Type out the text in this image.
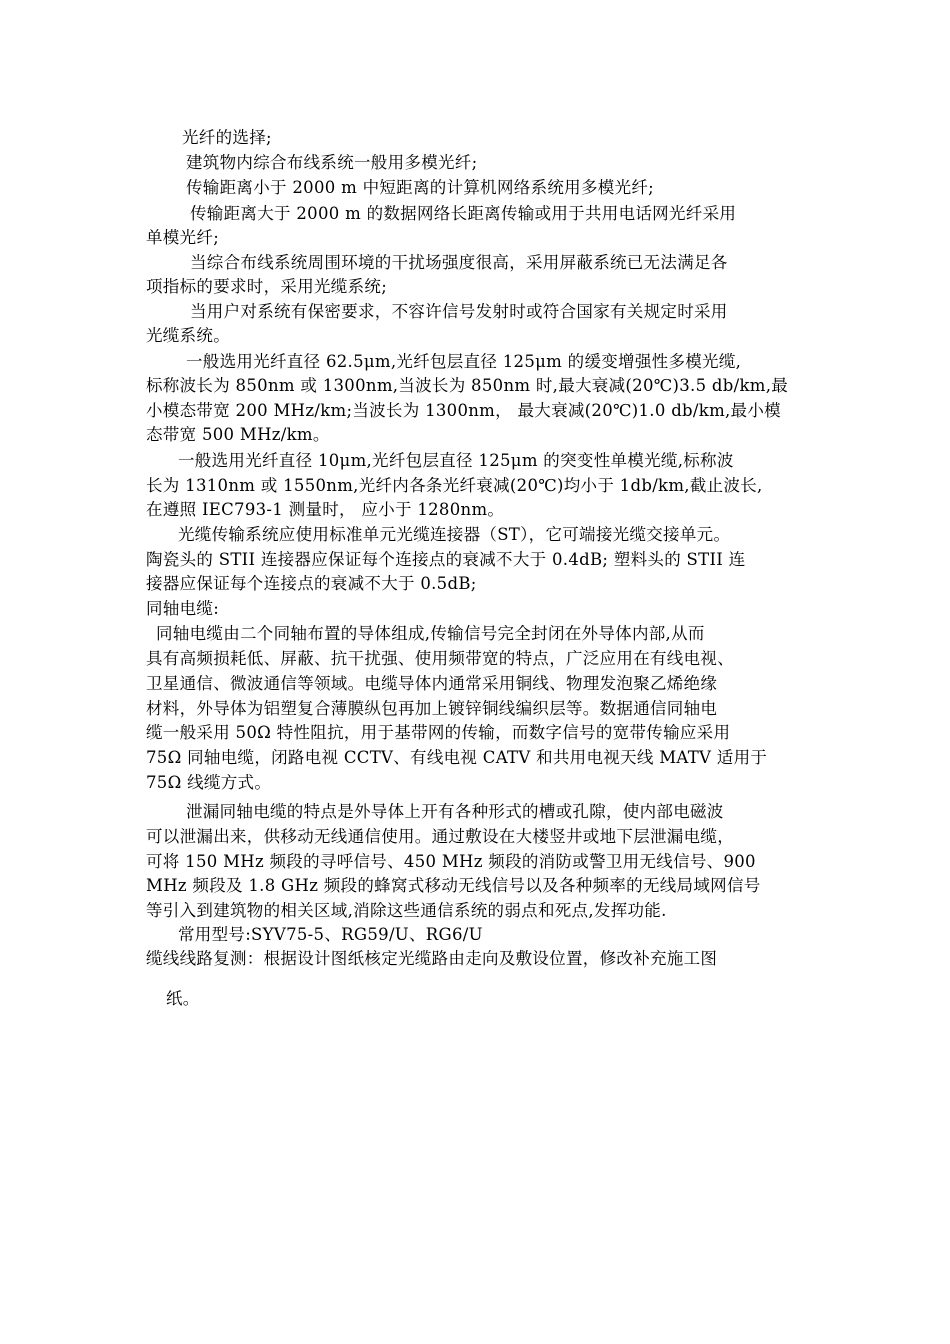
光纤的选择;
建筑物内综合布线系统一般用多模光纤;
传输距离小于 2000 m 中短距离的计算机网络系统用多模光纤;
传输距离大于 2000 m 的数据网络长距离传输或用于共用电话网光纤采用
单模光纤;
当综合布线系统周围环境的干扰场强度很高，采用屏蔽系统已无法满足各
项指标的要求时，采用光缆系统;
当用户对系统有保密要求，不容许信号发射时或符合国家有关规定时采用
光缆系统。
一般选用光纤直径 62.5μm,光纤包层直径 125μm 的缓变增强性多模光缆,
标称波长为 850nm 或 1300nm,当波长为 850nm 时,最大衰减(20℃)3.5 db/km,最
小模态带宽 200 MHz/km;当波长为 1300nm， 最大衰减(20℃)1.0 db/km,最小模
态带宽 500 MHz/km。
一般选用光纤直径 10μm,光纤包层直径 125μm 的突变性单模光缆,标称波
长为 1310nm 或 1550nm,光纤内各条光纤衰减(20℃)均小于 1db/km,截止波长,
在遵照 IEC793-1 测量时， 应小于 1280nm。
光缆传输系统应使用标准单元光缆连接器（ST），它可端接光缆交接单元。
陶瓷头的 STII 连接器应保证每个连接点的衰减不大于 0.4dB; 塑料头的 STII 连
接器应保证每个连接点的衰减不大于 0.5dB;
同轴电缆:
同轴电缆由二个同轴布置的导体组成,传输信号完全封闭在外导体内部,从而
具有高频损耗低、屏蔽、抗干扰强、使用频带宽的特点，广泛应用在有线电视、
卫星通信、微波通信等领域。电缆导体内通常采用铜线、物理发泡聚乙烯绝缘
材料，外导体为铝塑复合薄膜纵包再加上镀锌铜线编织层等。数据通信同轴电
缆一般采用 50Ω 特性阻抗，用于基带网的传输，而数字信号的宽带传输应采用
75Ω 同轴电缆，闭路电视 CCTV、有线电视 CATV 和共用电视天线 MATV 适用于
75Ω 线缆方式。
泄漏同轴电缆的特点是外导体上开有各种形式的槽或孔隙，使内部电磁波
可以泄漏出来，供移动无线通信使用。通过敷设在大楼竖井或地下层泄漏电缆，
可将 150 MHz 频段的寻呼信号、450 MHz 频段的消防或警卫用无线信号、900
MHz 频段及 1.8 GHz 频段的蜂窝式移动无线信号以及各种频率的无线局域网信号
等引入到建筑物的相关区域,消除这些通信系统的弱点和死点,发挥功能.
常用型号:SYV75-5、RG59/U、RG6/U
缆线线路复测：根据设计图纸核定光缆路由走向及敷设位置，修改补充施工图
纸。
